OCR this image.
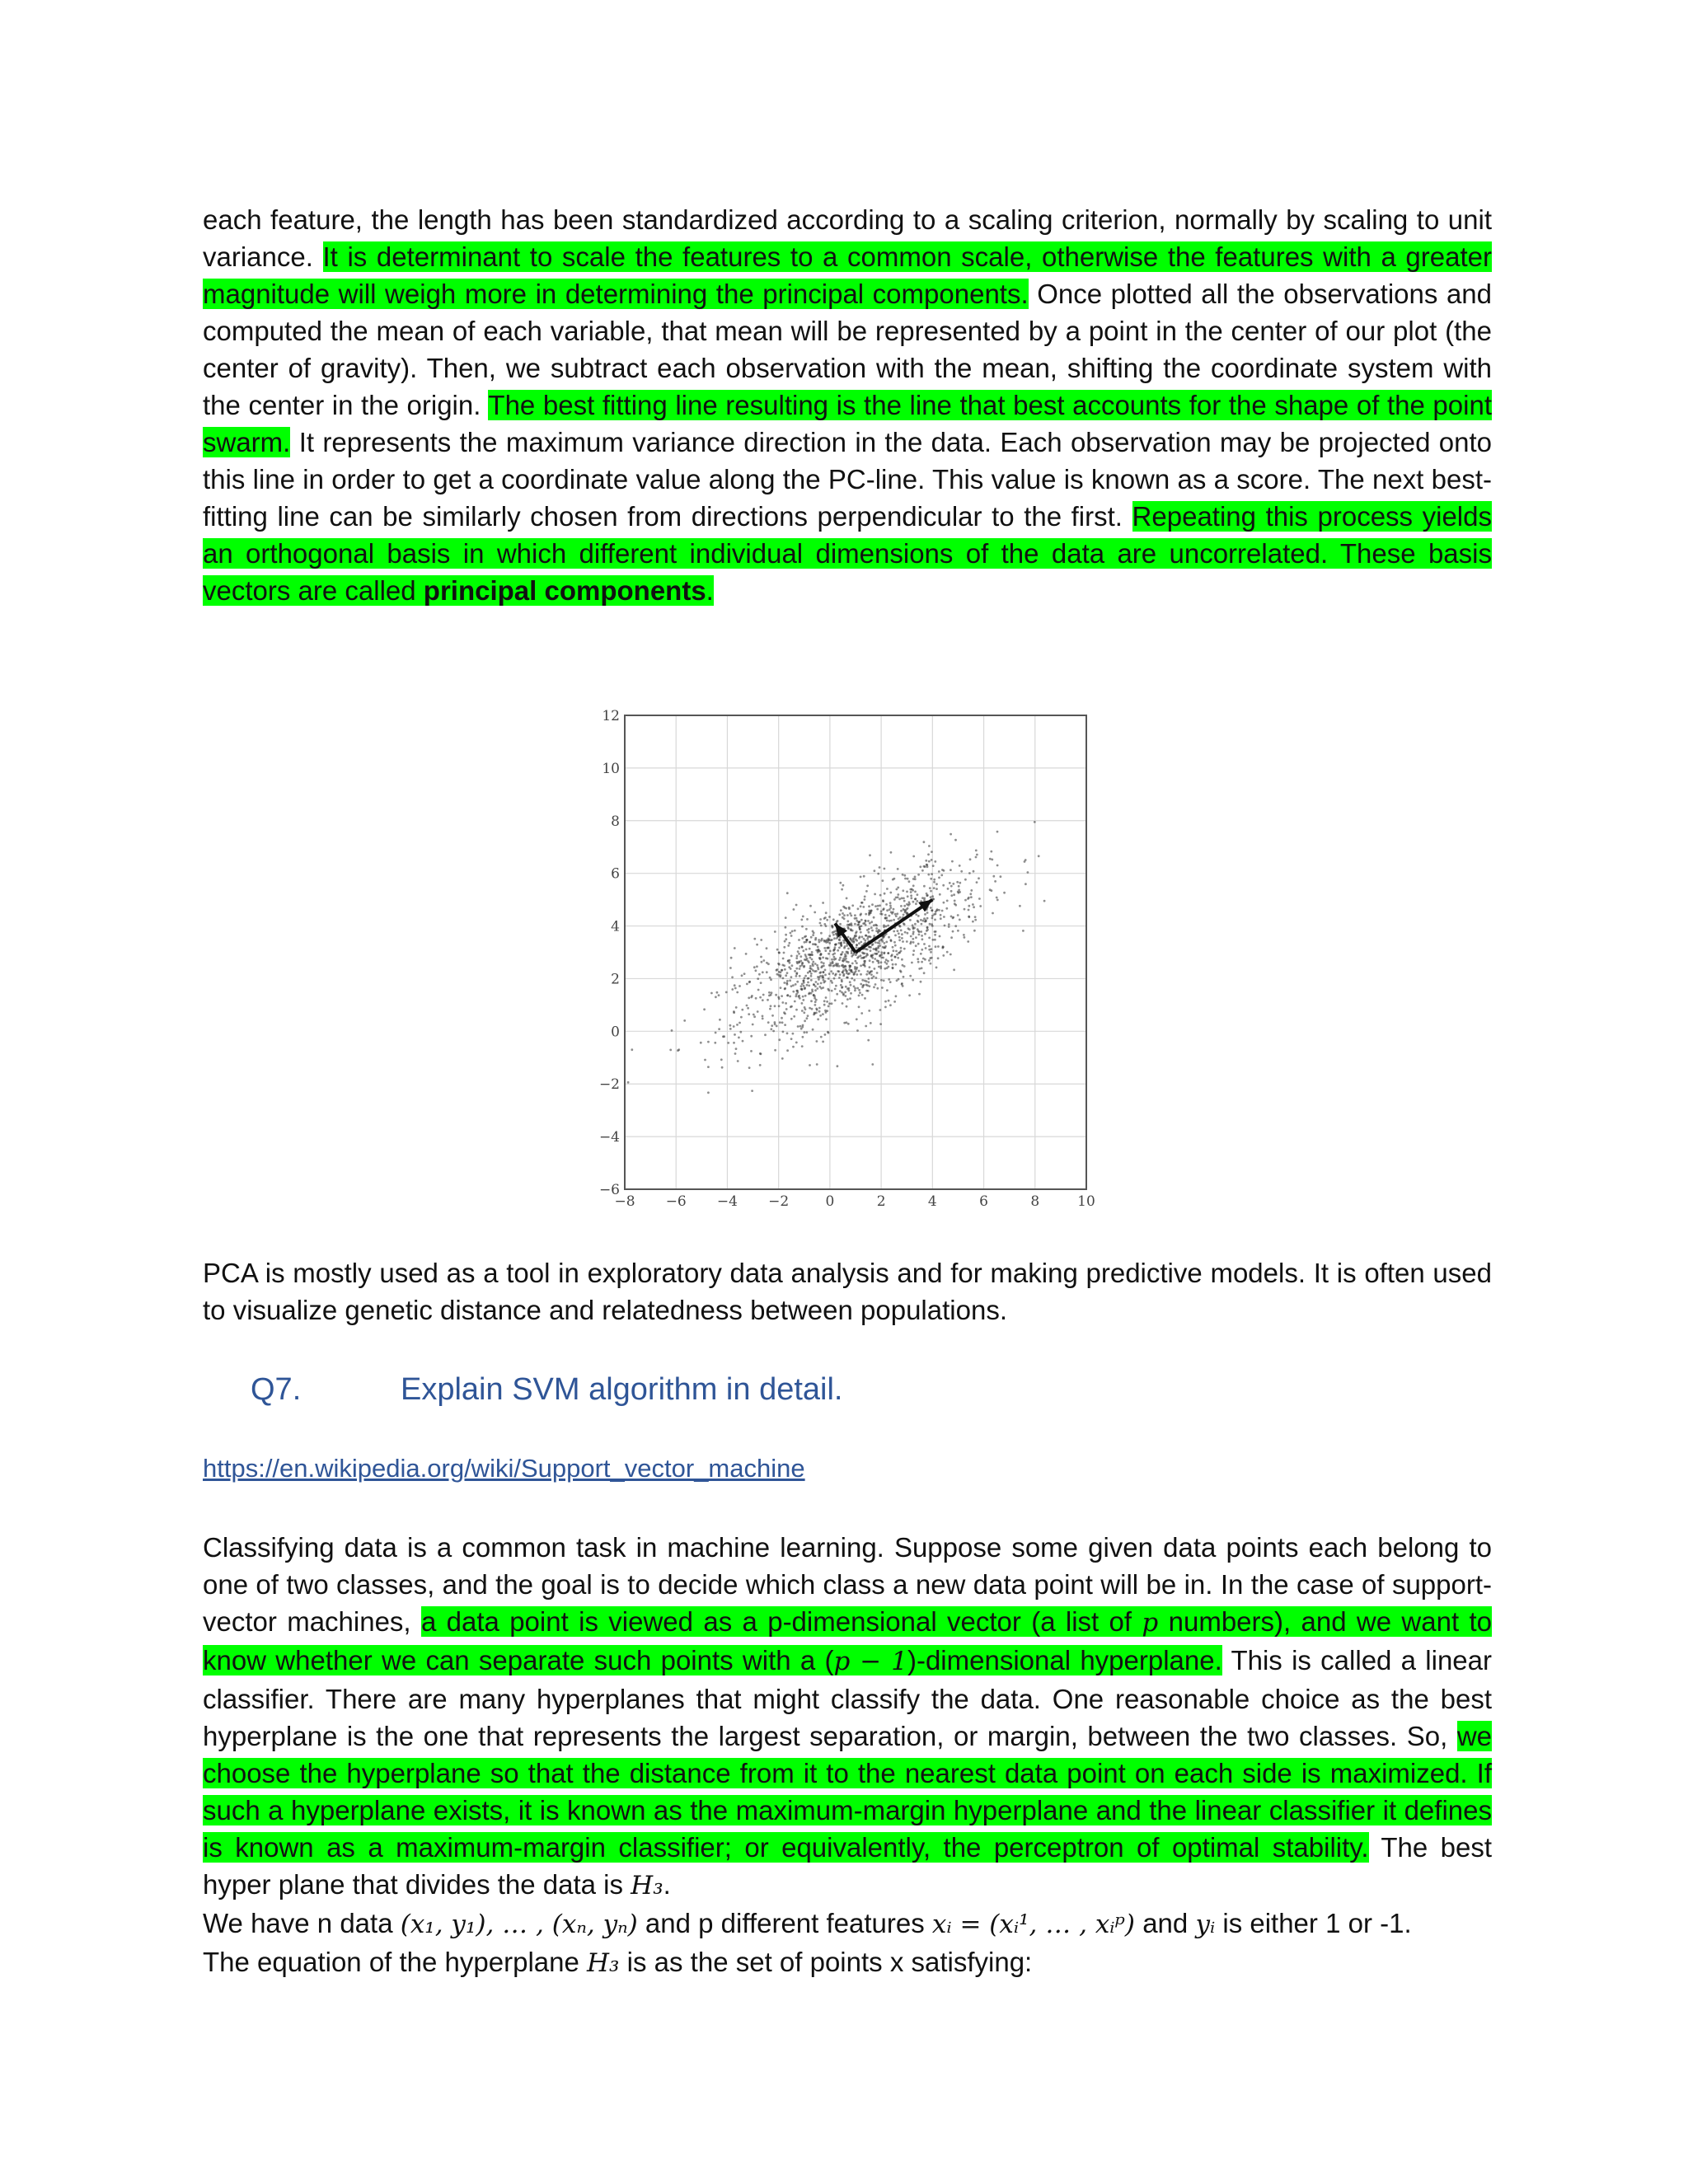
each feature, the length has been standardized according to a scaling criterion, normally by scaling to unit variance. It is determinant to scale the features to a common scale, otherwise the features with a greater magnitude will weigh more in determining the principal components. Once plotted all the observations and computed the mean of each variable, that mean will be represented by a point in the center of our plot (the center of gravity). Then, we subtract each observation with the mean, shifting the coordinate system with the center in the origin. The best fitting line resulting is the line that best accounts for the shape of the point swarm. It represents the maximum variance direction in the data. Each observation may be projected onto this line in order to get a coordinate value along the PC-line. This value is known as a score. The next best-fitting line can be similarly chosen from directions perpendicular to the first. Repeating this process yields an orthogonal basis in which different individual dimensions of the data are uncorrelated. These basis vectors are called principal components.

−8 −6 −4 −2	0	2	4	6	8	10
12
10
8
6
4
2
0
−2
−4
−6

PCA is mostly used as a tool in exploratory data analysis and for making predictive models. It is often used to visualize genetic distance and relatedness between populations.

Q7.	Explain SVM algorithm in detail.
https://en.wikipedia.org/wiki/Support_vector_machine

Classifying data is a common task in machine learning. Suppose some given data points each belong to one of two classes, and the goal is to decide which class a new data point will be in. In the case of support-vector machines, a data point is viewed as a p-dimensional vector (a list of p numbers), and we want to know whether we can separate such points with a (p − 1)-dimensional hyperplane. This is called a linear classifier. There are many hyperplanes that might classify the data. One reasonable choice as the best hyperplane is the one that represents the largest separation, or margin, between the two classes. So, we choose the hyperplane so that the distance from it to the nearest data point on each side is maximized. If such a hyperplane exists, it is known as the maximum-margin hyperplane and the linear classifier it defines is known as a maximum-margin classifier; or equivalently, the perceptron of optimal stability. The best hyper plane that divides the data is H₃.

We have n data (x₁, y₁), … , (xₙ, yₙ) and p different features xᵢ = (xᵢ¹, … , xᵢᵖ) and yᵢ is either 1 or -1.

The equation of the hyperplane H₃ is as the set of points x satisfying:
